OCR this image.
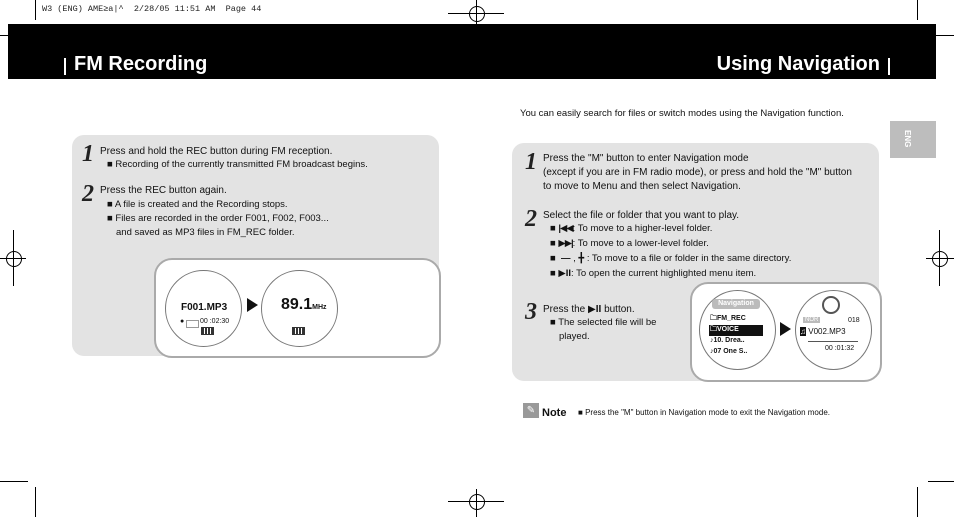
W3 (ENG) AME≥a|^  2/28/05 11:51 AM  Page 44
FM Recording	Using Navigation
ENG
1 Press and hold the REC button during FM reception.
■ Recording of the currently transmitted FM broadcast begins.
2 Press the REC button again.
■ A file is created and the Recording stops.
■ Files are recorded in the order F001, F002, F003...
and saved as MP3 files in FM_REC folder.
F001.MP3
● 00 :02:30
89.1MHz
You can easily search for files or switch modes using the Navigation function.
1 Press the "M" button to enter Navigation mode
(except if you are in FM radio mode), or press and hold the "M" button
to move to Menu and then select Navigation.
2 Select the file or folder that you want to play.
■ |◀◀: To move to a higher-level folder.
■ ▶▶|: To move to a lower-level folder.
■  — , ╋ : To move to a file or folder in the same directory.
■ ▶II: To open the current highlighted menu item.
3 Press the ▶II button.
■ The selected file will be
played.
Navigation
🗀FM_REC
🗀VOICE
♪10. Drea..
♪07 One S..
NOR	018
♫ V002.MP3
00 :01:32
✎ Note ■ Press the "M" button in Navigation mode to exit the Navigation mode.
